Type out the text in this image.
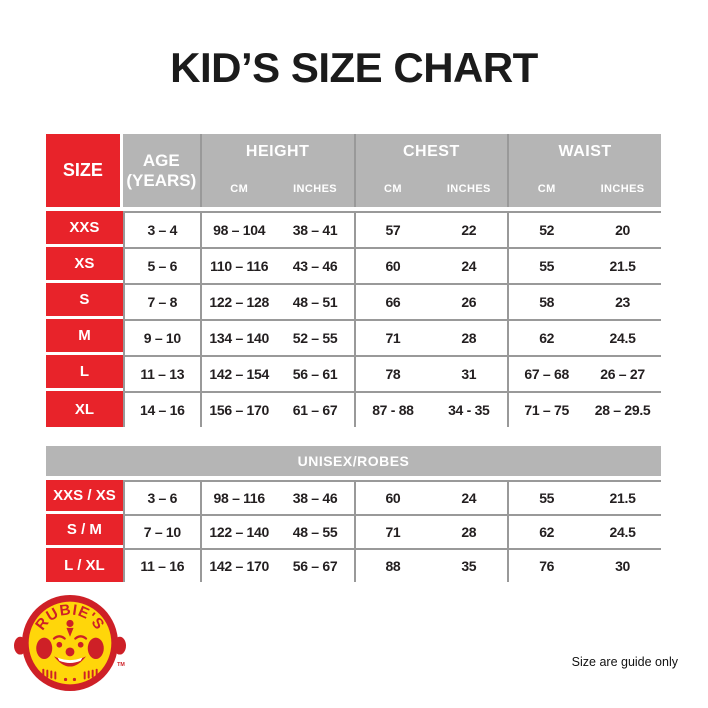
KID’S SIZE CHART
SIZE	AGE
(YEARS)
HEIGHT	CHEST	WAIST
CM	INCHES	CM	INCHES	CM	INCHES
XXS	3 – 4	98 – 104	38 – 41	57	22	52	20
XS	5 – 6	110 – 116	43 – 46	60	24	55	21.5
S	7 – 8	122 – 128	48 – 51	66	26	58	23
M	9 – 10	134 – 140	52 – 55	71	28	62	24.5
L	11 – 13	142 – 154	56 – 61	78	31	67 – 68	26 – 27
XL	14 – 16	156 – 170	61 – 67	87 - 88	34 - 35	71 – 75	28 – 29.5
UNISEX/ROBES
XXS / XS	3 – 6	98 – 116	38 – 46	60	24	55	21.5
S / M	7 – 10	122 – 140	48 – 55	71	28	62	24.5
L / XL	11 – 16	142 – 170	56 – 67	88	35	76	30
RUBIE'S
TM	Size are guide only
